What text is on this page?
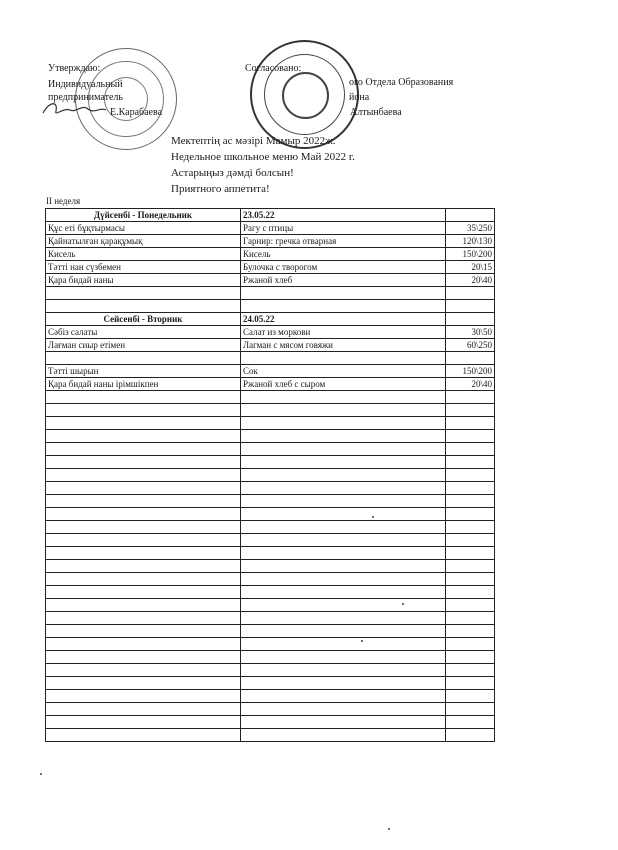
Утверждаю:
Индивидуальный
предприниматель
Е.Карабаева
Согласовано:
ого Отдела Образования
йона
Алтынбаева
Мектептің ас мәзірі Мамыр 2022ж.
Недельное школьное меню Май 2022 г.
Астарыңыз дәмді болсын!
Приятного аппетита!
II неделя
Дүйсенбі - Понедельник	23.05.22	
Құс еті бұқтырмасы	Рагу с птицы	35\250
Қайнатылған қарақұмық	Гарнир: гречка отварная	120\130
Кисель	Кисель	150\200
Тәтті нан сүзбемен	Булочка с творогом	20\15
Қара бидай наны	Ржаной хлеб	20\40

Сейсенбі - Вторник	24.05.22	
Сәбіз салаты	Салат из моркови	30\50
Лағман сиыр етімен	Лагман с мясом говяжи	60\250

Тәтті шырын	Сок	150\200
Қара бидай наны ірімшікпен	Ржаной хлеб с сыром	20\40
